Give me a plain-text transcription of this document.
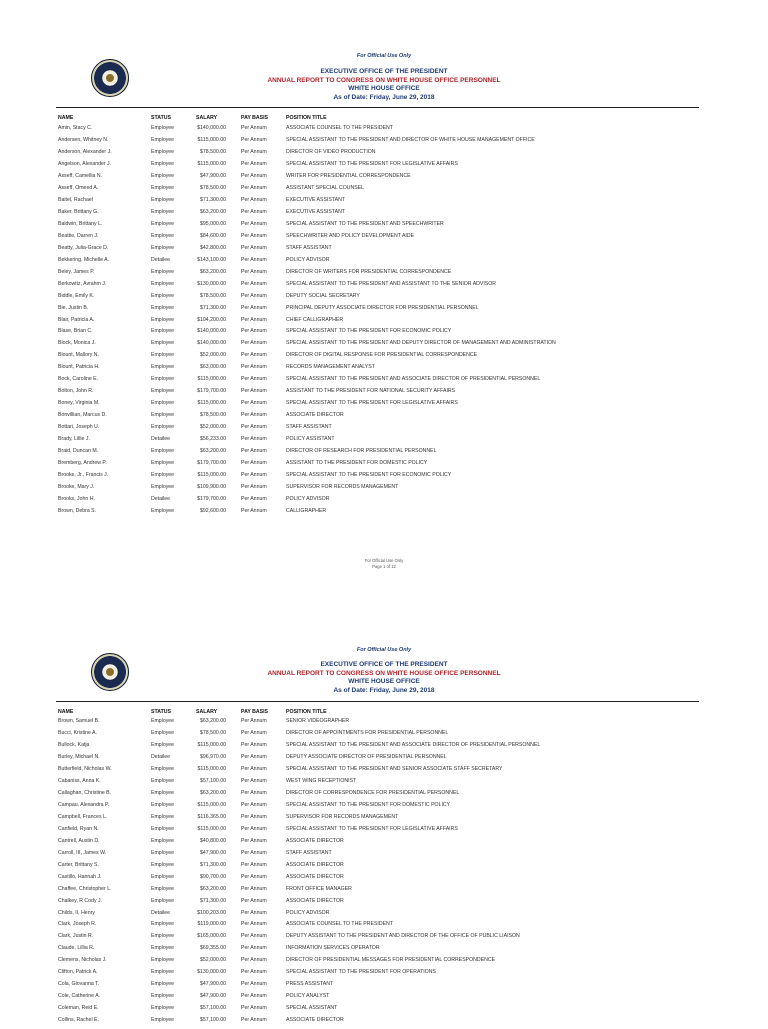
For Official Use Only
EXECUTIVE OFFICE OF THE PRESIDENT
ANNUAL REPORT TO CONGRESS ON WHITE HOUSE OFFICE PERSONNEL
WHITE HOUSE OFFICE
As of Date: Friday, June 29, 2018
NAME	STATUS	SALARY	PAY BASIS	POSITION TITLE
Amin, Stacy C.	Employee	$140,000.00	Per Annum	ASSOCIATE COUNSEL TO THE PRESIDENT
Andersen, Whitney N.	Employee	$115,000.00	Per Annum	SPECIAL ASSISTANT TO THE PRESIDENT AND DIRECTOR OF WHITE HOUSE MANAGEMENT OFFICE
Anderson, Alexander J.	Employee	$78,500.00	Per Annum	DIRECTOR OF VIDEO PRODUCTION
Angelson, Alexander J.	Employee	$115,000.00	Per Annum	SPECIAL ASSISTANT TO THE PRESIDENT FOR LEGISLATIVE AFFAIRS
Asseff, Camellia N.	Employee	$47,900.00	Per Annum	WRITER FOR PRESIDENTIAL CORRESPONDENCE
Asseff, Omeed A.	Employee	$78,500.00	Per Annum	ASSISTANT SPECIAL COUNSEL
Baitel, Rachael	Employee	$71,300.00	Per Annum	EXECUTIVE ASSISTANT
Baker, Brittany G.	Employee	$63,200.00	Per Annum	EXECUTIVE ASSISTANT
Baldwin, Brittany L.	Employee	$95,000.00	Per Annum	SPECIAL ASSISTANT TO THE PRESIDENT AND SPEECHWRITER
Beattie, Darren J.	Employee	$84,600.00	Per Annum	SPEECHWRITER AND POLICY DEVELOPMENT AIDE
Beatty, Julia-Grace D.	Employee	$42,800.00	Per Annum	STAFF ASSISTANT
Bekkering, Michelle A.	Detailee	$143,100.00	Per Annum	POLICY ADVISOR
Beley, James P.	Employee	$63,200.00	Per Annum	DIRECTOR OF WRITERS FOR PRESIDENTIAL CORRESPONDENCE
Berkowitz, Avrahm J.	Employee	$130,000.00	Per Annum	SPECIAL ASSISTANT TO THE PRESIDENT AND ASSISTANT TO THE SENIOR ADVISOR
Biddle, Emily K.	Employee	$78,500.00	Per Annum	DEPUTY SOCIAL SECRETARY
Bie, Justin B.	Employee	$71,300.00	Per Annum	PRINCIPAL DEPUTY ASSOCIATE DIRECTOR FOR PRESIDENTIAL PERSONNEL
Blair, Patricia A.	Employee	$104,200.00	Per Annum	CHIEF CALLIGRAPHER
Blase, Brian C.	Employee	$140,000.00	Per Annum	SPECIAL ASSISTANT TO THE PRESIDENT FOR ECONOMIC POLICY
Block, Monica J.	Employee	$140,000.00	Per Annum	SPECIAL ASSISTANT TO THE PRESIDENT AND DEPUTY DIRECTOR OF MANAGEMENT AND ADMINISTRATION
Blount, Mallory N.	Employee	$52,000.00	Per Annum	DIRECTOR OF DIGITAL RESPONSE FOR PRESIDENTIAL CORRESPONDENCE
Blount, Patricia H.	Employee	$63,000.00	Per Annum	RECORDS MANAGEMENT ANALYST
Bock, Caroline E.	Employee	$115,000.00	Per Annum	SPECIAL ASSISTANT TO THE PRESIDENT AND ASSOCIATE DIRECTOR OF PRESIDENTIAL PERSONNEL
Bolton, John R.	Employee	$179,700.00	Per Annum	ASSISTANT TO THE PRESIDENT FOR NATIONAL SECURITY AFFAIRS
Boney, Virginia M.	Employee	$115,000.00	Per Annum	SPECIAL ASSISTANT TO THE PRESIDENT FOR LEGISLATIVE AFFAIRS
Bonvillian, Marcus D.	Employee	$78,500.00	Per Annum	ASSOCIATE DIRECTOR
Bottari, Joseph U.	Employee	$52,000.00	Per Annum	STAFF ASSISTANT
Brady, Lillie J.	Detailee	$56,233.00	Per Annum	POLICY ASSISTANT
Braid, Duncan M.	Employee	$63,200.00	Per Annum	DIRECTOR OF RESEARCH FOR PRESIDENTIAL PERSONNEL
Bremberg, Andrew P.	Employee	$179,700.00	Per Annum	ASSISTANT TO THE PRESIDENT FOR DOMESTIC POLICY
Brooke, Jr., Francis J.	Employee	$115,000.00	Per Annum	SPECIAL ASSISTANT TO THE PRESIDENT FOR ECONOMIC POLICY
Brooke, Mary J.	Employee	$109,900.00	Per Annum	SUPERVISOR FOR RECORDS MANAGEMENT
Brooks, John H.	Detailee	$179,700.00	Per Annum	POLICY ADVISOR
Brown, Debra S.	Employee	$92,600.00	Per Annum	CALLIGRAPHER
For Official Use Only
Page 1 of 12
For Official Use Only
EXECUTIVE OFFICE OF THE PRESIDENT
ANNUAL REPORT TO CONGRESS ON WHITE HOUSE OFFICE PERSONNEL
WHITE HOUSE OFFICE
As of Date: Friday, June 29, 2018
NAME	STATUS	SALARY	PAY BASIS	POSITION TITLE
Brown, Samuel B.	Employee	$63,200.00	Per Annum	SENIOR VIDEOGRAPHER
Bucci, Kristine A.	Employee	$78,500.00	Per Annum	DIRECTOR OF APPOINTMENTS FOR PRESIDENTIAL PERSONNEL
Bullock, Katja	Employee	$115,000.00	Per Annum	SPECIAL ASSISTANT TO THE PRESIDENT AND ASSOCIATE DIRECTOR OF PRESIDENTIAL PERSONNEL
Burley, Michael N.	Detailee	$96,970.00	Per Annum	DEPUTY ASSOCIATE DIRECTOR OF PRESIDENTIAL PERSONNEL
Butterfield, Nicholas W.	Employee	$115,000.00	Per Annum	SPECIAL ASSISTANT TO THE PRESIDENT AND SENIOR ASSOCIATE STAFF SECRETARY
Cabaniss, Anna K.	Employee	$57,100.00	Per Annum	WEST WING RECEPTIONIST
Callaghan, Christine B.	Employee	$63,200.00	Per Annum	DIRECTOR OF CORRESPONDENCE FOR PRESIDENTIAL PERSONNEL
Campau, Alexandra P.	Employee	$115,000.00	Per Annum	SPECIAL ASSISTANT TO THE PRESIDENT FOR DOMESTIC POLICY
Campbell, Frances L.	Employee	$116,365.00	Per Annum	SUPERVISOR FOR RECORDS MANAGEMENT
Canfield, Ryan N.	Employee	$115,000.00	Per Annum	SPECIAL ASSISTANT TO THE PRESIDENT FOR LEGISLATIVE AFFAIRS
Cantrell, Austin D.	Employee	$40,800.00	Per Annum	ASSOCIATE DIRECTOR
Carroll, III, James W.	Employee	$47,900.00	Per Annum	STAFF ASSISTANT
Carter, Brittany S.	Employee	$71,300.00	Per Annum	ASSOCIATE DIRECTOR
Castillo, Hannah J.	Employee	$90,700.00	Per Annum	ASSOCIATE DIRECTOR
Chaffee, Christopher L.	Employee	$63,200.00	Per Annum	FRONT OFFICE MANAGER
Chalkey, R Cody J.	Employee	$71,300.00	Per Annum	ASSOCIATE DIRECTOR
Childs, II, Henry	Detailee	$100,203.00	Per Annum	POLICY ADVISOR
Clark, Joseph R.	Employee	$119,000.00	Per Annum	ASSOCIATE COUNSEL TO THE PRESIDENT
Clark, Justin R.	Employee	$165,000.00	Per Annum	DEPUTY ASSISTANT TO THE PRESIDENT AND DIRECTOR OF THE OFFICE OF PUBLIC LIAISON
Claude, Lillia R.	Employee	$69,355.00	Per Annum	INFORMATION SERVICES OPERATOR
Clemens, Nicholas J.	Employee	$52,000.00	Per Annum	DIRECTOR OF PRESIDENTIAL MESSAGES FOR PRESIDENTIAL CORRESPONDENCE
Clifton, Patrick A.	Employee	$130,000.00	Per Annum	SPECIAL ASSISTANT TO THE PRESIDENT FOR OPERATIONS
Cola, Giovanna T.	Employee	$47,900.00	Per Annum	PRESS ASSISTANT
Cole, Catherine A.	Employee	$47,900.00	Per Annum	POLICY ANALYST
Coleman, Reid E.	Employee	$57,100.00	Per Annum	SPECIAL ASSISTANT
Collins, Rachel E.	Employee	$57,100.00	Per Annum	ASSOCIATE DIRECTOR
